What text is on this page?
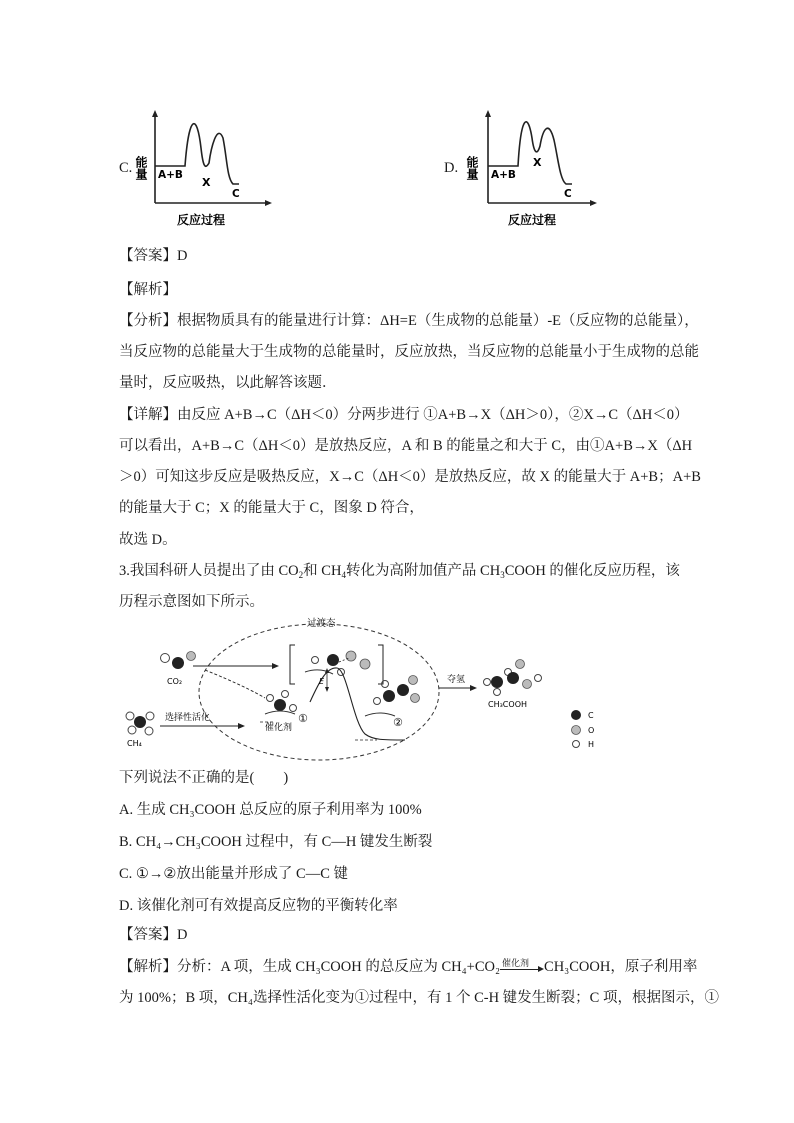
C. 能量 A+B
X
C
反应过程
D. 能量 A+B
X
C
反应过程
【答案】D
【解析】
【分析】根据物质具有的能量进行计算：ΔH=E（生成物的总能量）-E（反应物的总能量），
当反应物的总能量大于生成物的总能量时，反应放热，当反应物的总能量小于生成物的总能
量时，反应吸热，以此解答该题．
【详解】由反应 A+B→C（ΔH＜0）分两步进行 ①A+B→X（ΔH＞0），②X→C（ΔH＜0）
可以看出，A+B→C（ΔH＜0）是放热反应，A 和 B 的能量之和大于 C，由①A+B→X（ΔH
＞0）可知这步反应是吸热反应，X→C（ΔH＜0）是放热反应，故 X 的能量大于 A+B；A+B
的能量大于 C；X 的能量大于 C，图象 D 符合，
故选 D。
3.我国科研人员提出了由 $CO_2$和 $CH_4$转化为高附加值产品 $CH_3COOH$ 的催化反应历程，该
历程示意图如下所示。
过渡态
CO₂
CH₄
选择性活化
催化剂
①
E
②
夺氢
CH₃COOH
C
O
H
下列说法不正确的是(　　)
A. 生成 CH₃COOH 总反应的原子利用率为 100%
B. CH₄→CH₃COOH 过程中，有 C—H 键发生断裂
C. ①→②放出能量并形成了 C—C 键
D. 该催化剂可有效提高反应物的平衡转化率
【答案】D
【解析】分析：A 项，生成 CH₃COOH 的总反应为 CH₄+CO₂ 催化剂 CH₃COOH，原子利用率
为 100%；B 项，CH₄选择性活化变为①过程中，有 1 个 C-H 键发生断裂；C 项，根据图示，①
